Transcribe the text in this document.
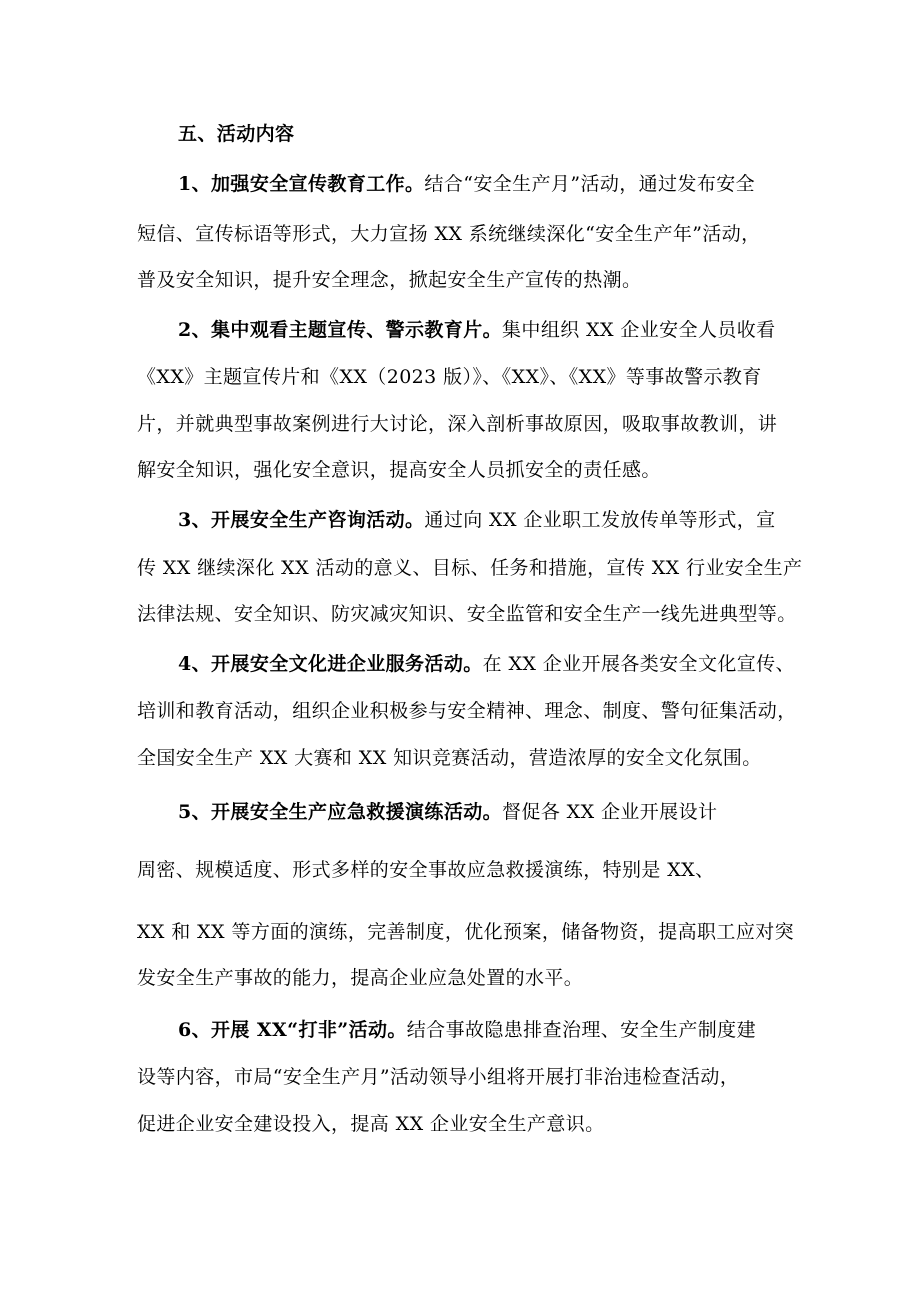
五、活动内容
1、加强安全宣传教育工作。结合“安全生产月”活动，通过发布安全
短信、宣传标语等形式，大力宣扬 XX 系统继续深化“安全生产年”活动，
普及安全知识，提升安全理念，掀起安全生产宣传的热潮。
2、集中观看主题宣传、警示教育片。集中组织 XX 企业安全人员收看
《XX》主题宣传片和《XX（2023 版）》、《XX》、《XX》等事故警示教育
片，并就典型事故案例进行大讨论，深入剖析事故原因，吸取事故教训，讲
解安全知识，强化安全意识，提高安全人员抓安全的责任感。
3、开展安全生产咨询活动。通过向 XX 企业职工发放传单等形式，宣
传 XX 继续深化 XX 活动的意义、目标、任务和措施，宣传 XX 行业安全生产
法律法规、安全知识、防灾减灾知识、安全监管和安全生产一线先进典型等。
4、开展安全文化进企业服务活动。在 XX 企业开展各类安全文化宣传、
培训和教育活动，组织企业积极参与安全精神、理念、制度、警句征集活动，
全国安全生产 XX 大赛和 XX 知识竞赛活动，营造浓厚的安全文化氛围。
5、开展安全生产应急救援演练活动。督促各 XX 企业开展设计
周密、规模适度、形式多样的安全事故应急救援演练，特别是 XX、
XX 和 XX 等方面的演练，完善制度，优化预案，储备物资，提高职工应对突
发安全生产事故的能力，提高企业应急处置的水平。
6、开展 XX“打非”活动。结合事故隐患排查治理、安全生产制度建
设等内容，市局“安全生产月”活动领导小组将开展打非治违检查活动，
促进企业安全建设投入，提高 XX 企业安全生产意识。
